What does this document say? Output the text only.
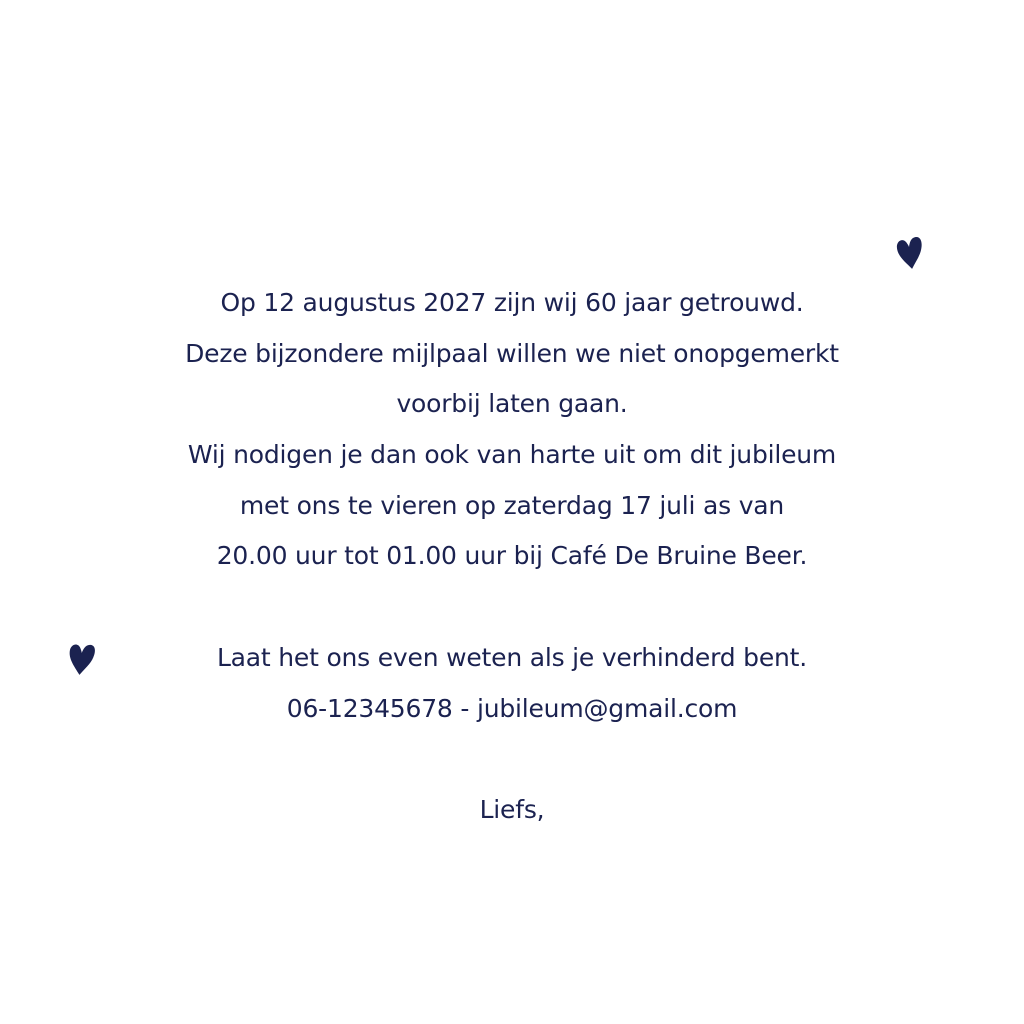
Op 12 augustus 2027 zijn wij 60 jaar getrouwd.
Deze bijzondere mijlpaal willen we niet onopgemerkt
voorbij laten gaan.
Wij nodigen je dan ook van harte uit om dit jubileum
met ons te vieren op zaterdag 17 juli as van
20.00 uur tot 01.00 uur bij Café De Bruine Beer.
Laat het ons even weten als je verhinderd bent.
06-12345678 - jubileum@gmail.com
Liefs,
